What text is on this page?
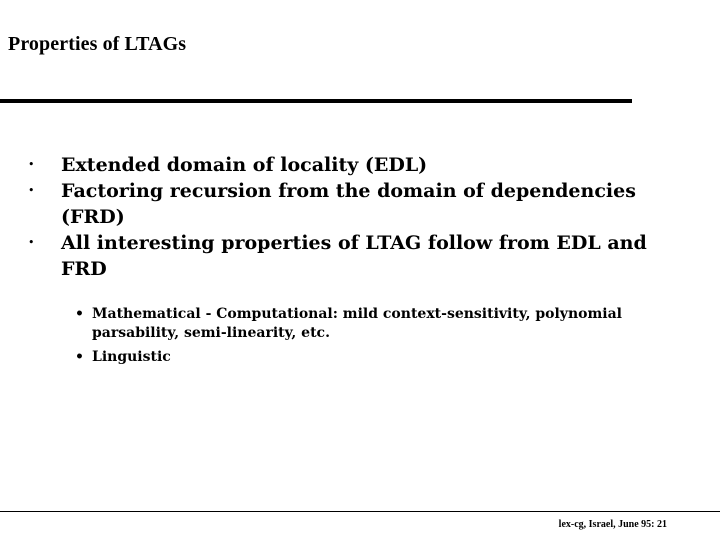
Properties of LTAGs
• Extended domain of locality (EDL)
• Factoring recursion from the domain of dependencies (FRD)
• All interesting properties of LTAG follow from EDL and FRD
• Mathematical - Computational: mild context-sensitivity, polynomial parsability, semi-linearity, etc.
• Linguistic
lex-cg, Israel, June 95: 21
